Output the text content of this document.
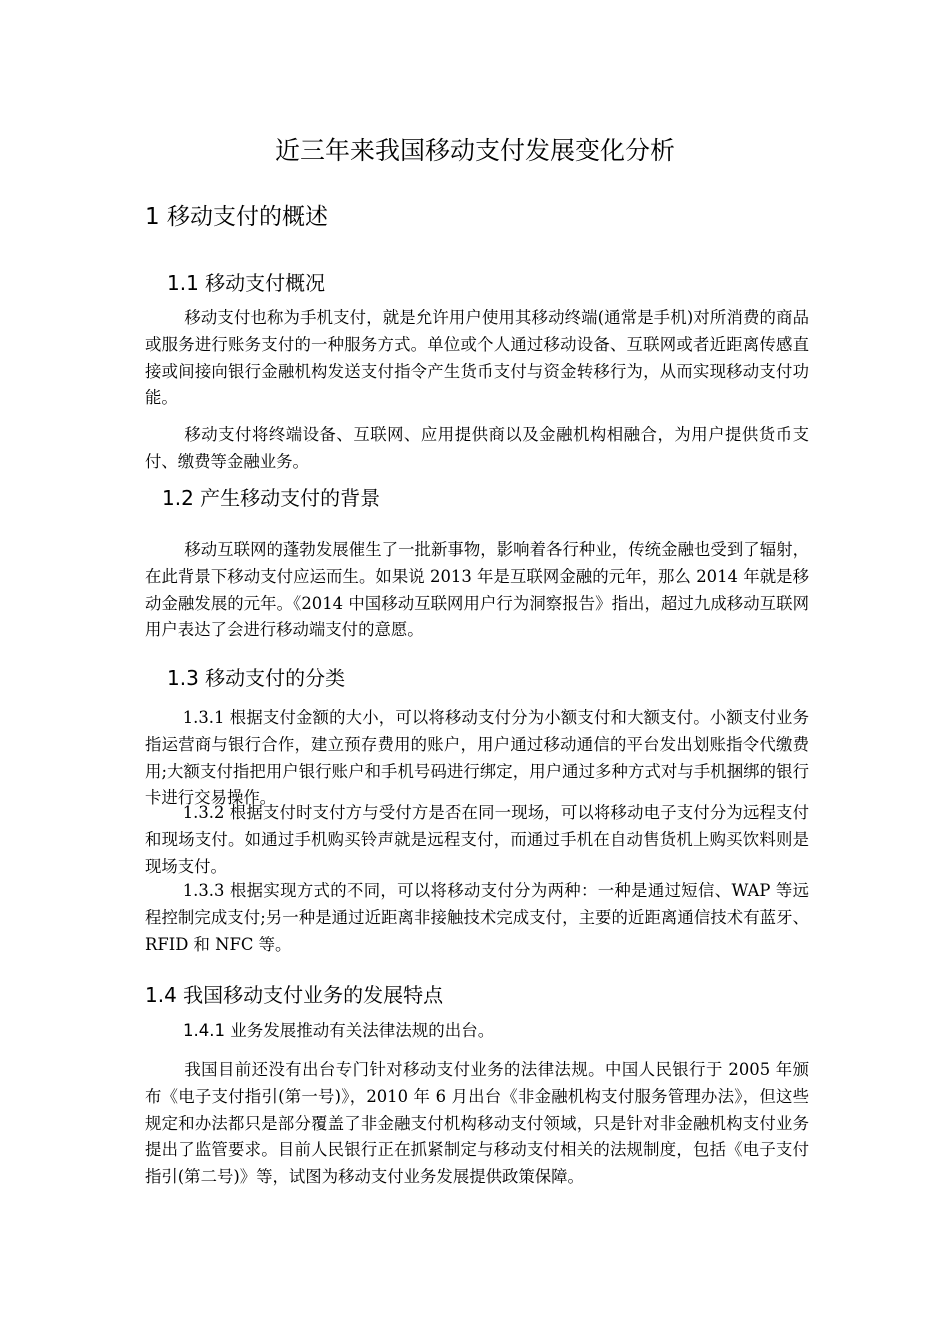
近三年来我国移动支付发展变化分析
1 移动支付的概述
1.1 移动支付概况

移动支付也称为手机支付，就是允许用户使用其移动终端(通常是手机)对所消费的商品或服务进行账务支付的一种服务方式。单位或个人通过移动设备、互联网或者近距离传感直接或间接向银行金融机构发送支付指令产生货币支付与资金转移行为，从而实现移动支付功能。

移动支付将终端设备、互联网、应用提供商以及金融机构相融合，为用户提供货币支付、缴费等金融业务。

1.2 产生移动支付的背景

移动互联网的蓬勃发展催生了一批新事物，影响着各行种业，传统金融也受到了辐射，在此背景下移动支付应运而生。如果说 2013 年是互联网金融的元年，那么 2014 年就是移动金融发展的元年。《2014 中国移动互联网用户行为洞察报告》指出，超过九成移动互联网用户表达了会进行移动端支付的意愿。

1.3 移动支付的分类

1.3.1 根据支付金额的大小，可以将移动支付分为小额支付和大额支付。小额支付业务指运营商与银行合作，建立预存费用的账户，用户通过移动通信的平台发出划账指令代缴费用;大额支付指把用户银行账户和手机号码进行绑定，用户通过多种方式对与手机捆绑的银行卡进行交易操作。

1.3.2 根据支付时支付方与受付方是否在同一现场，可以将移动电子支付分为远程支付和现场支付。如通过手机购买铃声就是远程支付，而通过手机在自动售货机上购买饮料则是现场支付。

1.3.3 根据实现方式的不同，可以将移动支付分为两种：一种是通过短信、WAP 等远程控制完成支付;另一种是通过近距离非接触技术完成支付，主要的近距离通信技术有蓝牙、RFID 和 NFC 等。

1.4 我国移动支付业务的发展特点
1.4.1 业务发展推动有关法律法规的出台。

我国目前还没有出台专门针对移动支付业务的法律法规。中国人民银行于 2005 年颁布《电子支付指引(第一号)》，2010 年 6 月出台《非金融机构支付服务管理办法》，但这些规定和办法都只是部分覆盖了非金融支付机构移动支付领域，只是针对非金融机构支付业务提出了监管要求。目前人民银行正在抓紧制定与移动支付相关的法规制度，包括《电子支付指引(第二号)》等，试图为移动支付业务发展提供政策保障。
